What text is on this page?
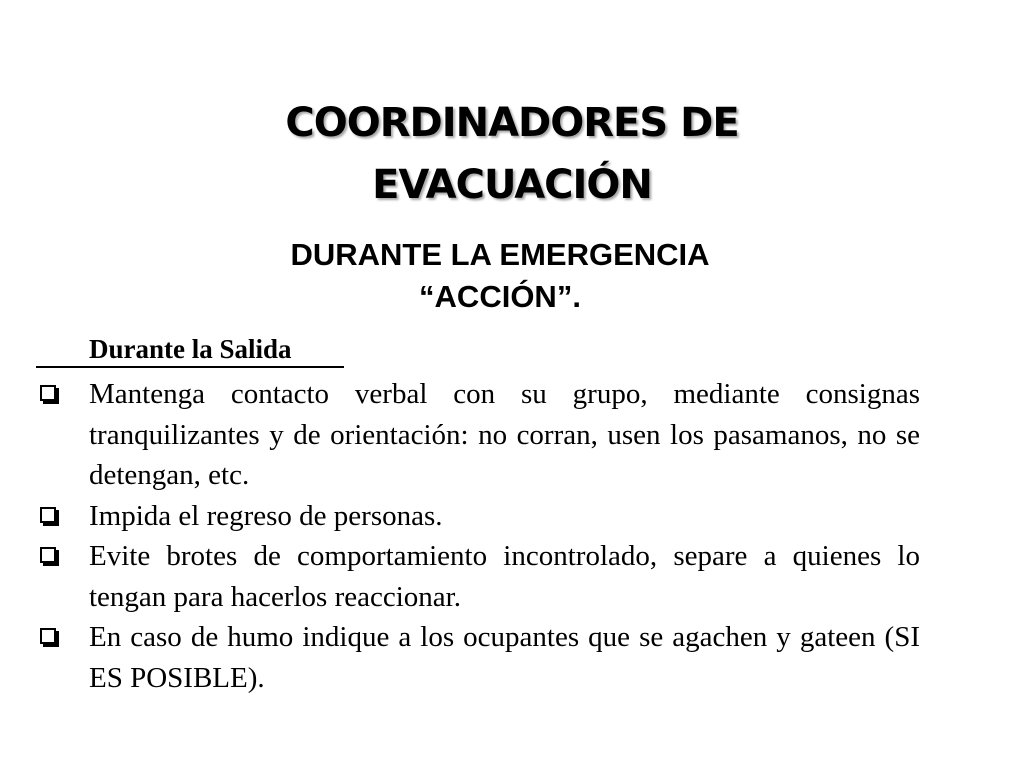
COORDINADORES DE
EVACUACIÓN
DURANTE LA EMERGENCIA
“ACCIÓN”.
Durante la Salida
Mantenga contacto verbal con su grupo, mediante consignas tranquilizantes y de orientación: no corran, usen los pasamanos, no se detengan, etc.
Impida el regreso de personas.
Evite brotes de comportamiento incontrolado, separe a quienes lo tengan para hacerlos reaccionar.
En caso de humo indique a los ocupantes que se agachen y gateen (SI ES POSIBLE).
